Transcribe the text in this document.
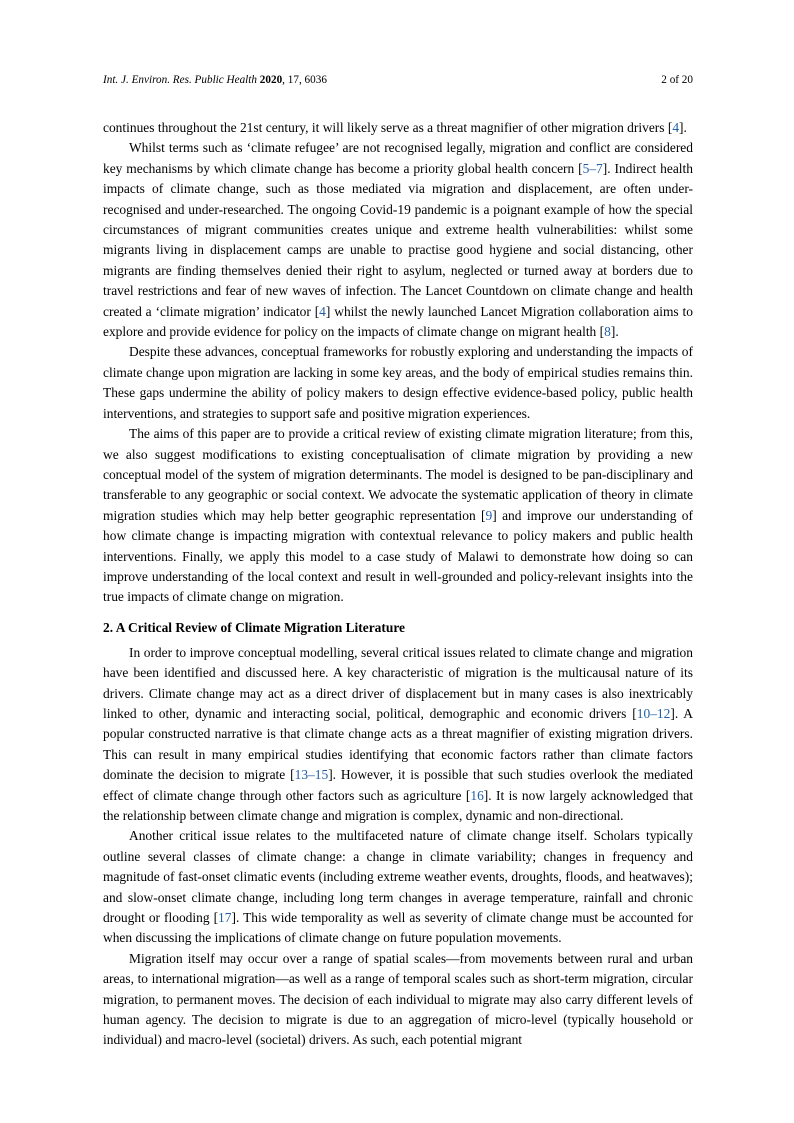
Int. J. Environ. Res. Public Health 2020, 17, 6036	2 of 20

continues throughout the 21st century, it will likely serve as a threat magnifier of other migration drivers [4].

Whilst terms such as ‘climate refugee’ are not recognised legally, migration and conflict are considered key mechanisms by which climate change has become a priority global health concern [5–7]. Indirect health impacts of climate change, such as those mediated via migration and displacement, are often under-recognised and under-researched. The ongoing Covid-19 pandemic is a poignant example of how the special circumstances of migrant communities creates unique and extreme health vulnerabilities: whilst some migrants living in displacement camps are unable to practise good hygiene and social distancing, other migrants are finding themselves denied their right to asylum, neglected or turned away at borders due to travel restrictions and fear of new waves of infection. The Lancet Countdown on climate change and health created a ‘climate migration’ indicator [4] whilst the newly launched Lancet Migration collaboration aims to explore and provide evidence for policy on the impacts of climate change on migrant health [8].

Despite these advances, conceptual frameworks for robustly exploring and understanding the impacts of climate change upon migration are lacking in some key areas, and the body of empirical studies remains thin. These gaps undermine the ability of policy makers to design effective evidence-based policy, public health interventions, and strategies to support safe and positive migration experiences.

The aims of this paper are to provide a critical review of existing climate migration literature; from this, we also suggest modifications to existing conceptualisation of climate migration by providing a new conceptual model of the system of migration determinants. The model is designed to be pan-disciplinary and transferable to any geographic or social context. We advocate the systematic application of theory in climate migration studies which may help better geographic representation [9] and improve our understanding of how climate change is impacting migration with contextual relevance to policy makers and public health interventions. Finally, we apply this model to a case study of Malawi to demonstrate how doing so can improve understanding of the local context and result in well-grounded and policy-relevant insights into the true impacts of climate change on migration.

2. A Critical Review of Climate Migration Literature

In order to improve conceptual modelling, several critical issues related to climate change and migration have been identified and discussed here. A key characteristic of migration is the multicausal nature of its drivers. Climate change may act as a direct driver of displacement but in many cases is also inextricably linked to other, dynamic and interacting social, political, demographic and economic drivers [10–12]. A popular constructed narrative is that climate change acts as a threat magnifier of existing migration drivers. This can result in many empirical studies identifying that economic factors rather than climate factors dominate the decision to migrate [13–15]. However, it is possible that such studies overlook the mediated effect of climate change through other factors such as agriculture [16]. It is now largely acknowledged that the relationship between climate change and migration is complex, dynamic and non-directional.

Another critical issue relates to the multifaceted nature of climate change itself. Scholars typically outline several classes of climate change: a change in climate variability; changes in frequency and magnitude of fast-onset climatic events (including extreme weather events, droughts, floods, and heatwaves); and slow-onset climate change, including long term changes in average temperature, rainfall and chronic drought or flooding [17]. This wide temporality as well as severity of climate change must be accounted for when discussing the implications of climate change on future population movements.

Migration itself may occur over a range of spatial scales—from movements between rural and urban areas, to international migration—as well as a range of temporal scales such as short-term migration, circular migration, to permanent moves. The decision of each individual to migrate may also carry different levels of human agency. The decision to migrate is due to an aggregation of micro-level (typically household or individual) and macro-level (societal) drivers. As such, each potential migrant
